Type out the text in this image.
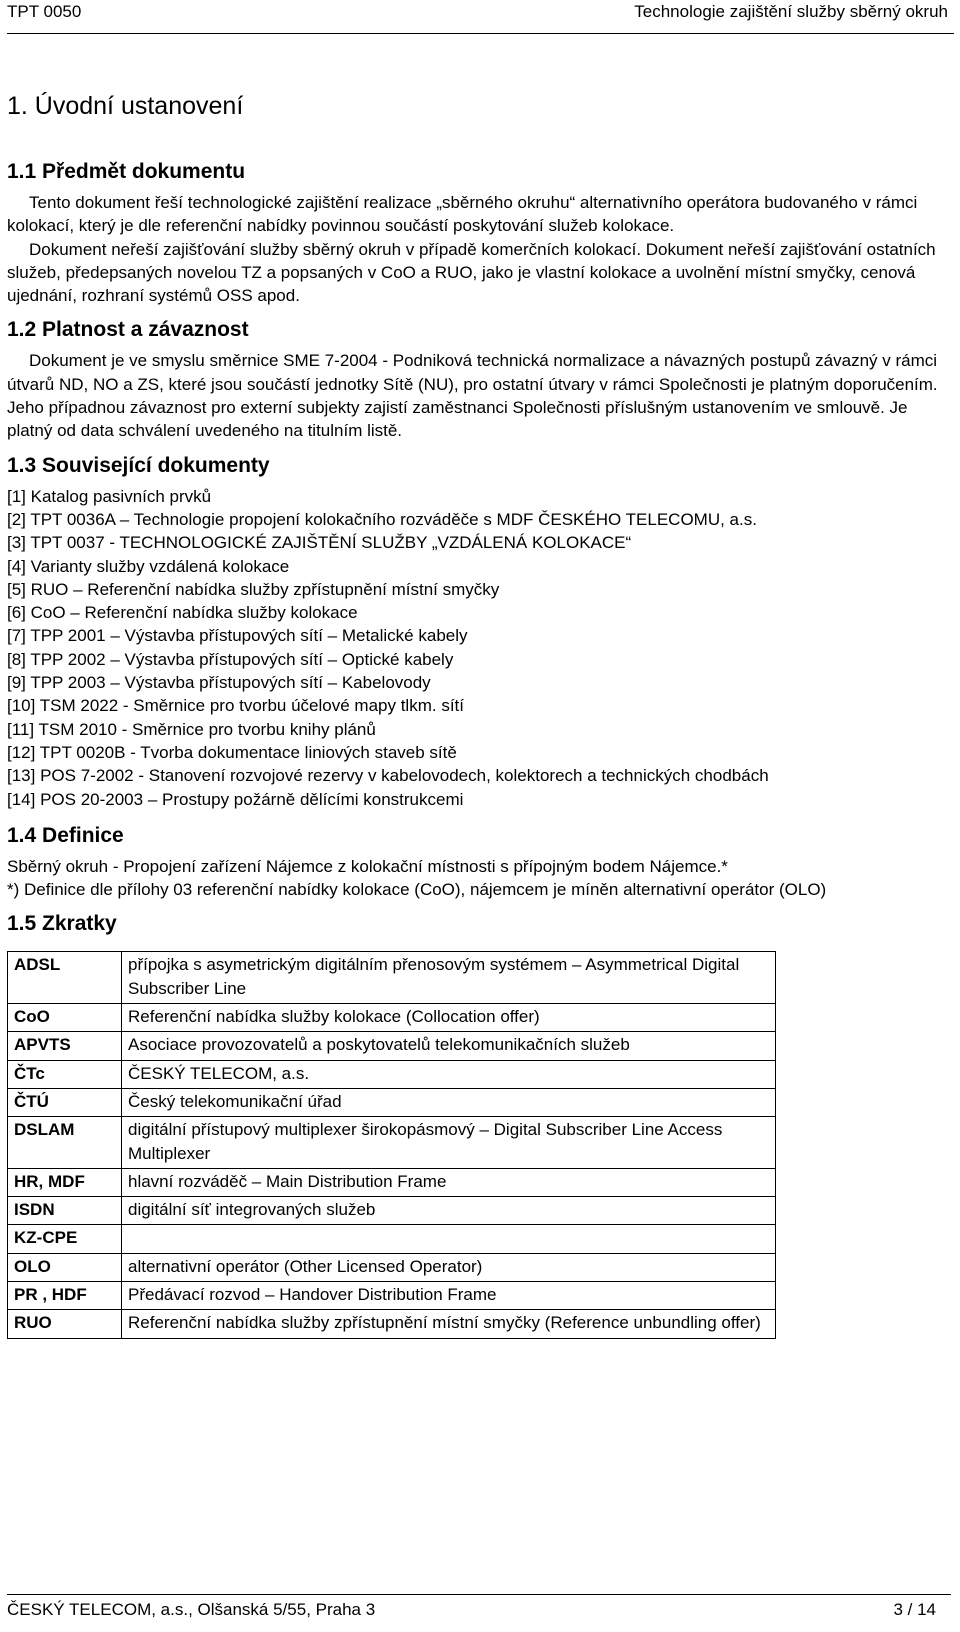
TPT 0050	Technologie zajištění služby sběrný okruh
1. Úvodní ustanovení
1.1 Předmět dokumentu

Tento dokument řeší technologické zajištění realizace „sběrného okruhu“ alternativního operátora budovaného v rámci kolokací, který je dle referenční nabídky povinnou součástí poskytování služeb kolokace.

Dokument neřeší zajišťování služby sběrný okruh v případě komerčních kolokací. Dokument neřeší zajišťování ostatních služeb, předepsaných novelou TZ a popsaných v CoO a RUO, jako je vlastní kolokace a uvolnění místní smyčky, cenová ujednání, rozhraní systémů OSS apod.

1.2 Platnost a závaznost

Dokument je ve smyslu směrnice SME 7-2004 - Podniková technická normalizace a návazných postupů závazný v rámci útvarů ND, NO a ZS, které jsou součástí jednotky Sítě (NU), pro ostatní útvary v rámci Společnosti je platným doporučením. Jeho případnou závaznost pro externí subjekty zajistí zaměstnanci Společnosti příslušným ustanovením ve smlouvě. Je platný od data schválení uvedeného na titulním listě.

1.3 Související dokumenty
[1] Katalog pasivních prvků
[2] TPT 0036A – Technologie propojení kolokačního rozváděče s MDF ČESKÉHO TELECOMU, a.s.
[3] TPT 0037 - TECHNOLOGICKÉ ZAJIŠTĚNÍ SLUŽBY „VZDÁLENÁ KOLOKACE“
[4] Varianty služby vzdálená kolokace
[5] RUO – Referenční nabídka služby zpřístupnění místní smyčky
[6] CoO – Referenční nabídka služby kolokace
[7] TPP 2001 – Výstavba přístupových sítí – Metalické kabely
[8] TPP 2002 – Výstavba přístupových sítí – Optické kabely
[9] TPP 2003 – Výstavba přístupových sítí – Kabelovody
[10] TSM 2022 - Směrnice pro tvorbu účelové mapy tlkm. sítí
[11] TSM 2010 - Směrnice pro tvorbu knihy plánů
[12] TPT 0020B - Tvorba dokumentace liniových staveb sítě
[13] POS 7-2002 - Stanovení rozvojové rezervy v kabelovodech, kolektorech a technických chodbách
[14] POS 20-2003 – Prostupy požárně dělícími konstrukcemi
1.4 Definice

Sběrný okruh - Propojení zařízení Nájemce z kolokační místnosti s přípojným bodem Nájemce.*

*) Definice dle přílohy 03 referenční nabídky kolokace (CoO), nájemcem je míněn alternativní operátor (OLO)

1.5 Zkratky
ADSL	přípojka s asymetrickým digitálním přenosovým systémem – Asymmetrical Digital Subscriber Line
CoO	Referenční nabídka služby kolokace (Collocation offer)
APVTS	Asociace provozovatelů a poskytovatelů telekomunikačních služeb
ČTc	ČESKÝ TELECOM, a.s.
ČTÚ	Český telekomunikační úřad
DSLAM	digitální přístupový multiplexer širokopásmový – Digital Subscriber Line Access Multiplexer
HR, MDF	hlavní rozváděč – Main Distribution Frame
ISDN	digitální síť integrovaných služeb
KZ-CPE	
OLO	alternativní operátor (Other Licensed Operator)
PR , HDF	Předávací rozvod – Handover Distribution Frame
RUO	Referenční nabídka služby zpřístupnění místní smyčky (Reference unbundling offer)
ČESKÝ TELECOM, a.s., Olšanská 5/55, Praha 3	3 / 14
